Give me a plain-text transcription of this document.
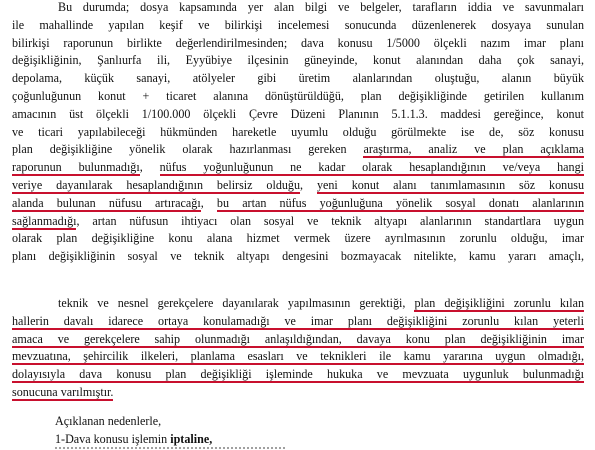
Bu durumda; dosya kapsamında yer alan bilgi ve belgeler, tarafların iddia ve savunmaları
ile mahallinde yapılan keşif ve bilirkişi incelemesi sonucunda düzenlenerek dosyaya sunulan
bilirkişi raporunun birlikte değerlendirilmesinden; dava konusu 1/5000 ölçekli nazım imar planı
değişikliğinin, Şanlıurfa ili, Eyyübiye ilçesinin güneyinde, konut alanından daha çok sanayi,
depolama, küçük sanayi, atölyeler gibi üretim alanlarından oluştuğu, alanın büyük
çoğunluğunun konut + ticaret alanına dönüştürüldüğü, plan değişikliğinde getirilen kullanım
amacının üst ölçekli 1/100.000 ölçekli Çevre Düzeni Planının 5.1.1.3. maddesi gereğince, konut
ve ticari yapılabileceği hükmünden hareketle uyumlu olduğu görülmekte ise de, söz konusu
plan değişikliğine yönelik olarak hazırlanması gereken araştırma, analiz ve plan açıklama
raporunun bulunmadığı, nüfus yoğunluğunun ne kadar olarak hesaplandığının ve/veya hangi
veriye dayanılarak hesaplandığının belirsiz olduğu, yeni konut alanı tanımlamasının söz konusu
alanda bulunan nüfusu artıracağı, bu artan nüfus yoğunluğuna yönelik sosyal donatı alanlarının
sağlanmadığı, artan nüfusun ihtiyacı olan sosyal ve teknik altyapı alanlarının standartlara uygun
olarak plan değişikliğine konu alana hizmet vermek üzere ayrılmasının zorunlu olduğu, imar
planı değişikliğinin sosyal ve teknik altyapı dengesini bozmayacak nitelikte, kamu yararı amaçlı,
teknik ve nesnel gerekçelere dayanılarak yapılmasının gerektiği, plan değişikliğini zorunlu kılan
hallerin davalı idarece ortaya konulamadığı ve imar planı değişikliğini zorunlu kılan yeterli
amaca ve gerekçelere sahip olunmadığı anlaşıldığından, davaya konu plan değişikliğinin imar
mevzuatına, şehircilik ilkeleri, planlama esasları ve teknikleri ile kamu yararına uygun olmadığı,
dolayısıyla dava konusu plan değişikliği işleminde hukuka ve mevzuata uygunluk bulunmadığı
sonucuna varılmıştır.
Açıklanan nedenlerle,
1-Dava konusu işlemin iptaline,
